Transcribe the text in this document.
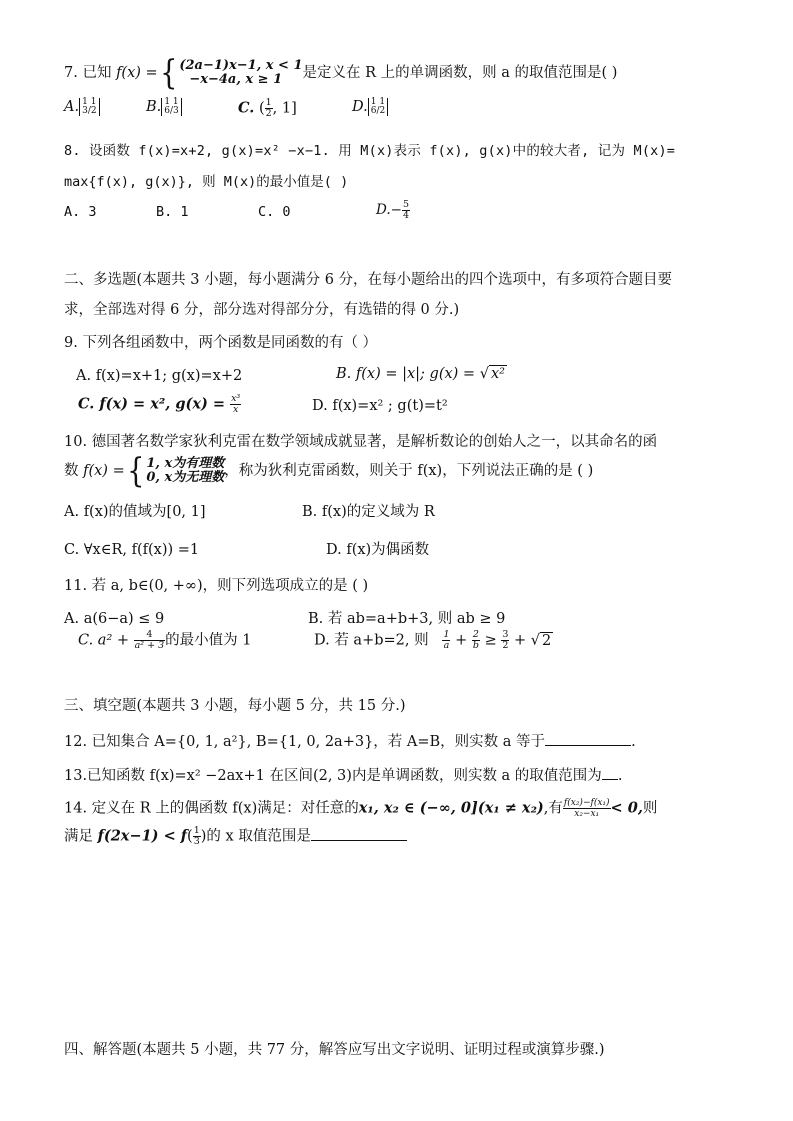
7. 已知 f(x) ={ (2a−1)x−1, x < 1
−x−4a, x ≥ 1 是定义在 R 上的单调函数，则 a 的取值范围是( )
A. 1 1
3/2	B. 1 1
6/3	C. ( $\frac{1}{2}$ , 1]	D. 1 1
6/2
8. 设函数 f(x)=x+2, g(x)=x² −x−1. 用 M(x)表示 f(x), g(x)中的较大者, 记为 M(x)=
max{f(x), g(x)}, 则 M(x)的最小值是( )
A. 3	B. 1	C. 0	$D.- \frac{5}{4}$
二、多选题(本题共 3 小题，每小题满分 6 分，在每小题给出的四个选项中，有多项符合题目要
求，全部选对得 6 分，部分选对得部分分，有选错的得 0 分.)
9. 下列各组函数中，两个函数是同函数的有（ ）
A. f(x)=x+1; g(x)=x+2	B. f(x) = |x|; g(x) = √ x²
C. f(x) = x², $g(x) = \frac{\text{x³}}{x}$	D. f(x)=x² ; g(t)=t²
10. 德国著名数学家狄利克雷在数学领域成就显著，是解析数论的创始人之一，以其命名的函
数 f(x) ={ 1, x为有理数
0, x为无理数，称为狄利克雷函数，则关于 f(x)，下列说法正确的是 ( )
A. f(x)的值域为[0, 1]	B. f(x)的定义域为 R
C. ∀x∈R, f(f(x)) =1	D. f(x)为偶函数
11. 若 a, b∈(0, +∞)，则下列选项成立的是 ( )
A. a(6−a) ≤ 9	B. 若 ab=a+b+3, 则 ab ≥ 9
C. $a^2 + \frac{4}{\text{a² + 3}}$ 的最小值为 1	D. 若 a+b=2, 则 $\frac{1}{a} + \frac{2}{b} \ge \frac{3}{2}$ + √ 2
三、填空题(本题共 3 小题，每小题 5 分，共 15 分.)
12. 已知集合 A={0, 1, a²}, B={1, 0, 2a+3}，若 A=B，则实数 a 等于	.
13.已知函数 f(x)=x² −2ax+1 在区间(2, 3)内是单调函数，则实数 a 的取值范围为 .
14. 定义在 R 上的偶函数 f(x)满足：对任意的x₁, x₂ ∈ (−∞, 0](x₁ ≠ x₂),有 $\frac{\text{f(x₂)−f(x₁)}}{\text{x₂−x₁}} < 0$,则
满足 $f(2x-1) < f( \frac{1}{3}$ )的 x 取值范围是
四、解答题(本题共 5 小题，共 77 分，解答应写出文字说明、证明过程或演算步骤.)
